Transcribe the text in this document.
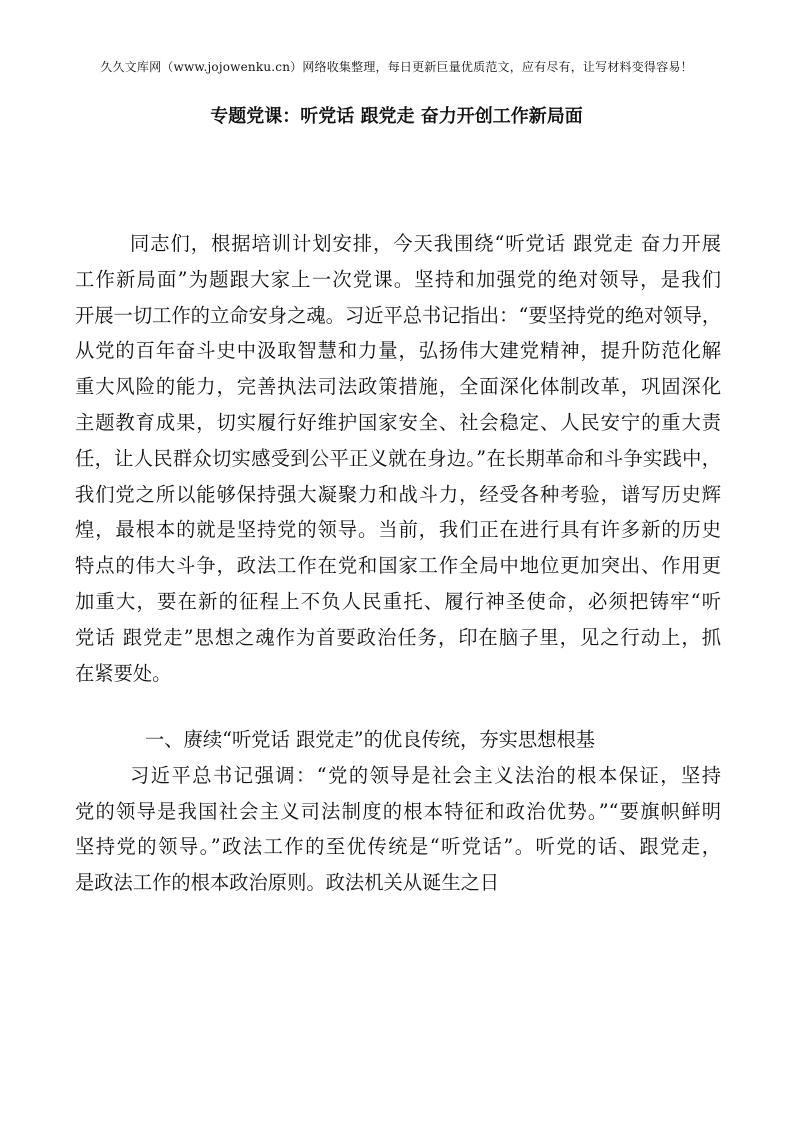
久久文库网（www.jojowenku.cn）网络收集整理，每日更新巨量优质范文，应有尽有，让写材料变得容易！
专题党课：听党话 跟党走 奋力开创工作新局面
同志们，根据培训计划安排，今天我围绕“听党话 跟党走 奋力开展
工作新局面”为题跟大家上一次党课。坚持和加强党的绝对领导，是我们
开展一切工作的立命安身之魂。习近平总书记指出：“要坚持党的绝对领导，
从党的百年奋斗史中汲取智慧和力量，弘扬伟大建党精神，提升防范化解
重大风险的能力，完善执法司法政策措施，全面深化体制改革，巩固深化
主题教育成果，切实履行好维护国家安全、社会稳定、人民安宁的重大责
任，让人民群众切实感受到公平正义就在身边。”在长期革命和斗争实践中，
我们党之所以能够保持强大凝聚力和战斗力，经受各种考验，谱写历史辉
煌，最根本的就是坚持党的领导。当前，我们正在进行具有许多新的历史
特点的伟大斗争，政法工作在党和国家工作全局中地位更加突出、作用更
加重大，要在新的征程上不负人民重托、履行神圣使命，必须把铸牢“听
党话 跟党走”思想之魂作为首要政治任务，印在脑子里，见之行动上，抓
在紧要处。
一、赓续“听党话 跟党走”的优良传统，夯实思想根基
习近平总书记强调：“党的领导是社会主义法治的根本保证，坚持
党的领导是我国社会主义司法制度的根本特征和政治优势。”“要旗帜鲜明
坚持党的领导。”政法工作的至优传统是“听党话”。听党的话、跟党走，
是政法工作的根本政治原则。政法机关从诞生之日
